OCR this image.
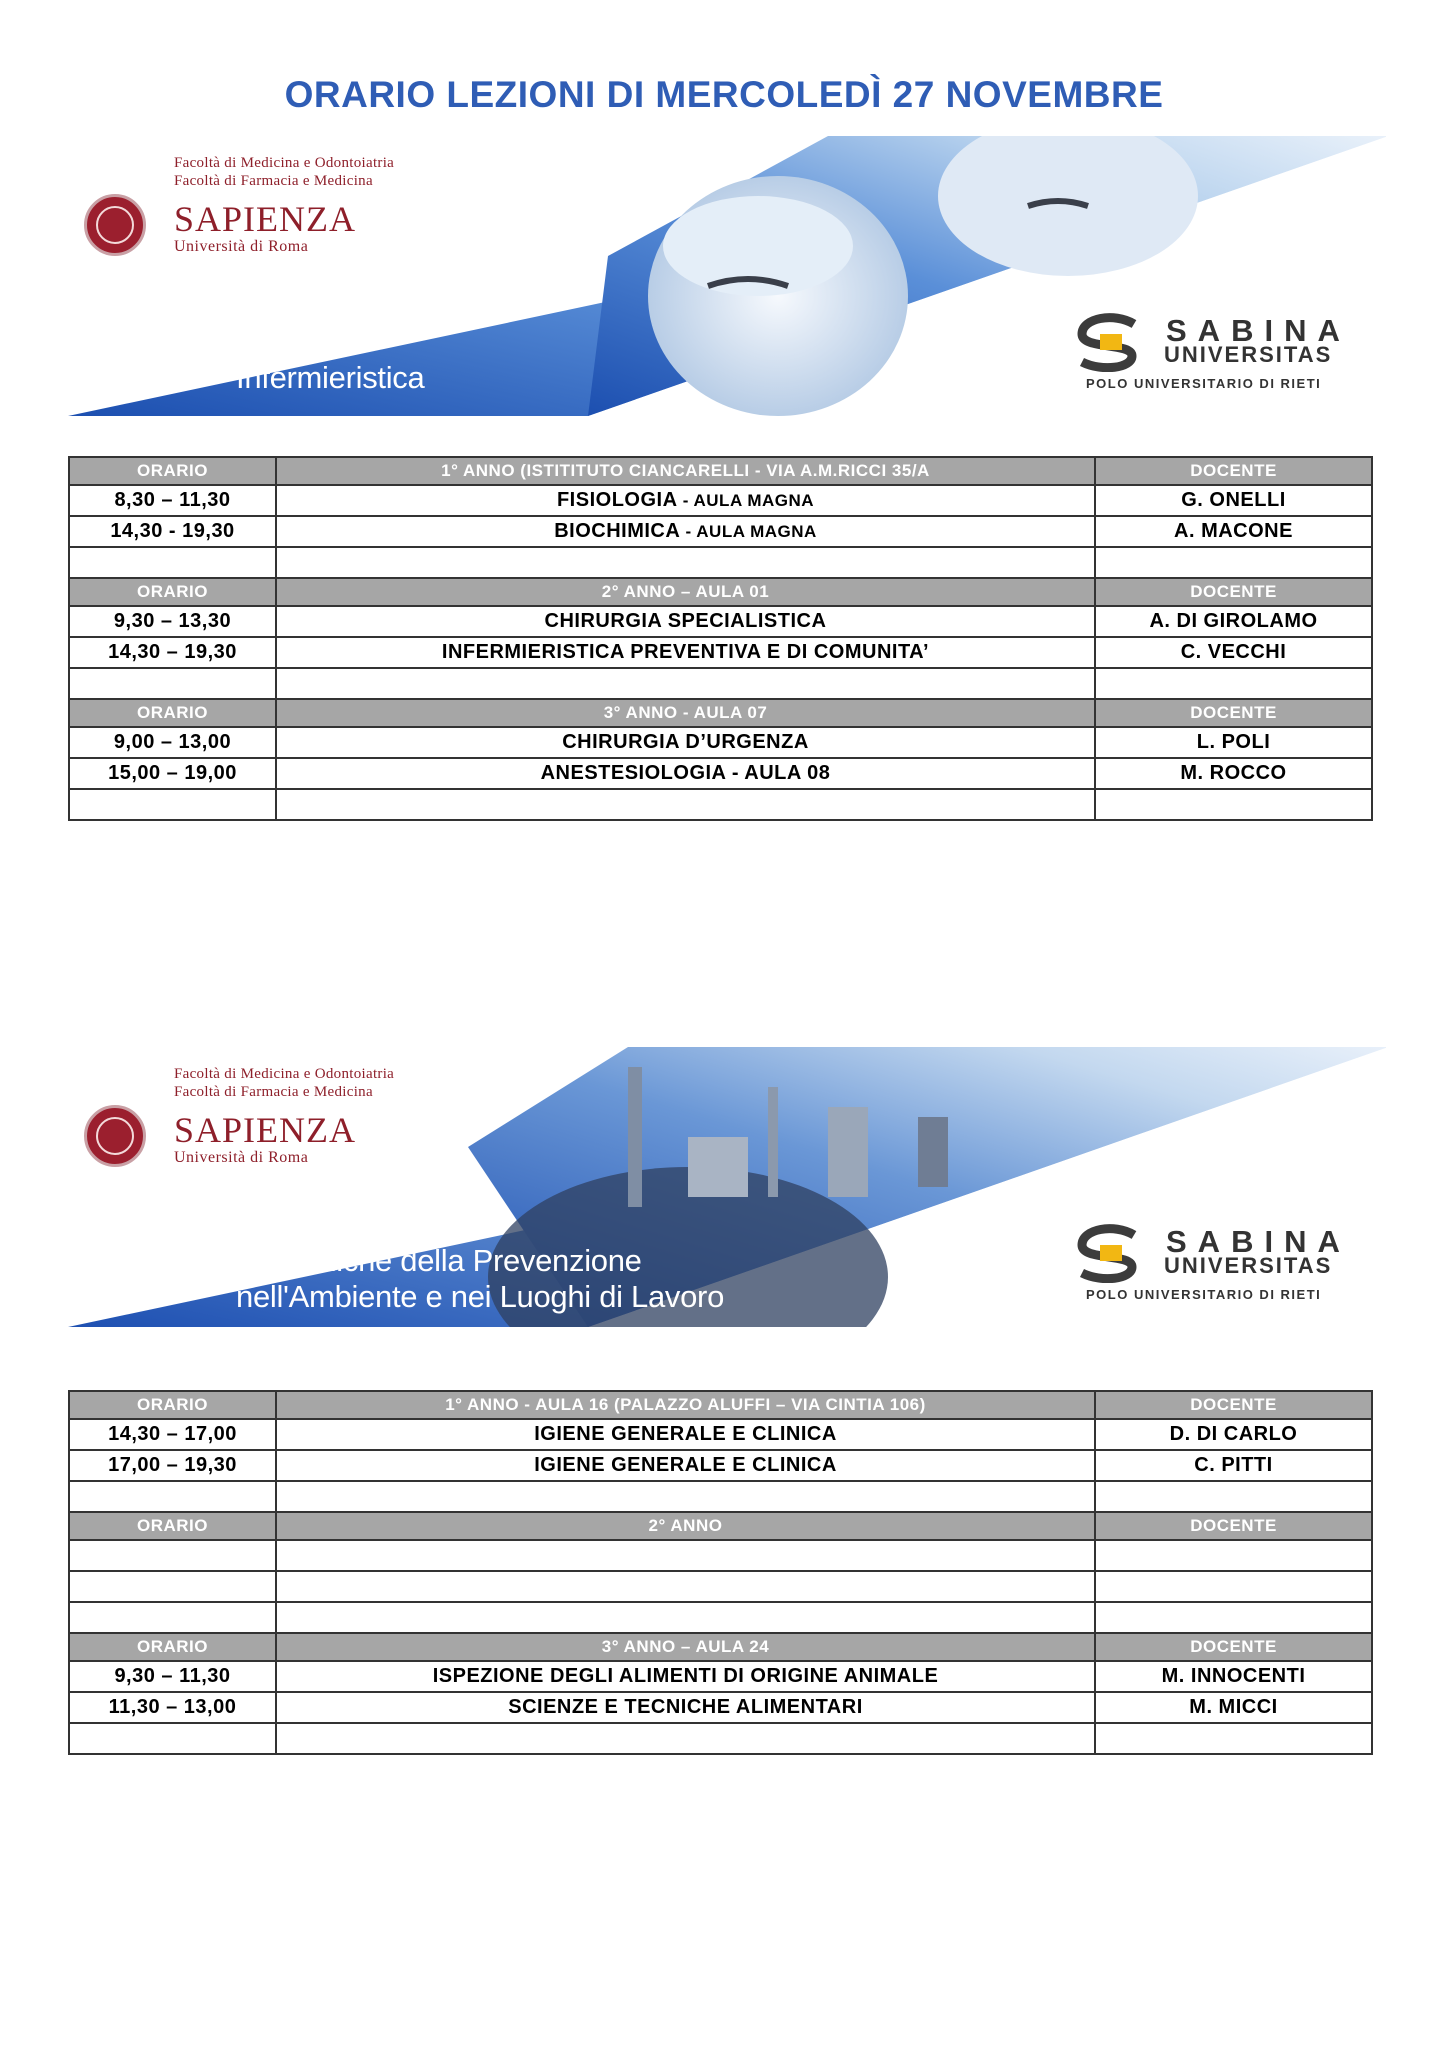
ORARIO LEZIONI DI MERCOLEDÌ 27 NOVEMBRE
Facoltà di Medicina e Odontoiatria
Facoltà di Farmacia e Medicina
SAPIENZA
Università di Roma
Infermieristica
SABINA
UNIVERSITAS
POLO UNIVERSITARIO DI RIETI
ORARIO	1° ANNO (ISTITITUTO CIANCARELLI - VIA A.M.RICCI 35/A	DOCENTE
8,30 – 11,30	FISIOLOGIA - AULA MAGNA	G. ONELLI
14,30 - 19,30	BIOCHIMICA - AULA MAGNA	A. MACONE

ORARIO	2° ANNO – AULA 01	DOCENTE
9,30 – 13,30	CHIRURGIA SPECIALISTICA	A. DI GIROLAMO
14,30 – 19,30	INFERMIERISTICA PREVENTIVA E DI COMUNITA’	C. VECCHI

ORARIO	3° ANNO - AULA 07	DOCENTE
9,00 – 13,00	CHIRURGIA D’URGENZA	L. POLI
15,00 – 19,00	ANESTESIOLOGIA - AULA 08	M. ROCCO

Facoltà di Medicina e Odontoiatria
Facoltà di Farmacia e Medicina
SAPIENZA
Università di Roma
Tecniche della Prevenzione
nell'Ambiente e nei Luoghi di Lavoro
SABINA
UNIVERSITAS
POLO UNIVERSITARIO DI RIETI
ORARIO	1° ANNO - AULA 16 (PALAZZO ALUFFI – VIA CINTIA 106)	DOCENTE
14,30 – 17,00	IGIENE GENERALE E CLINICA	D. DI CARLO
17,00 – 19,30	IGIENE GENERALE E CLINICA	C. PITTI

ORARIO	2° ANNO	DOCENTE

ORARIO	3° ANNO – AULA 24	DOCENTE
9,30 – 11,30	ISPEZIONE DEGLI ALIMENTI DI ORIGINE ANIMALE	M. INNOCENTI
11,30 – 13,00	SCIENZE E TECNICHE ALIMENTARI	M. MICCI
